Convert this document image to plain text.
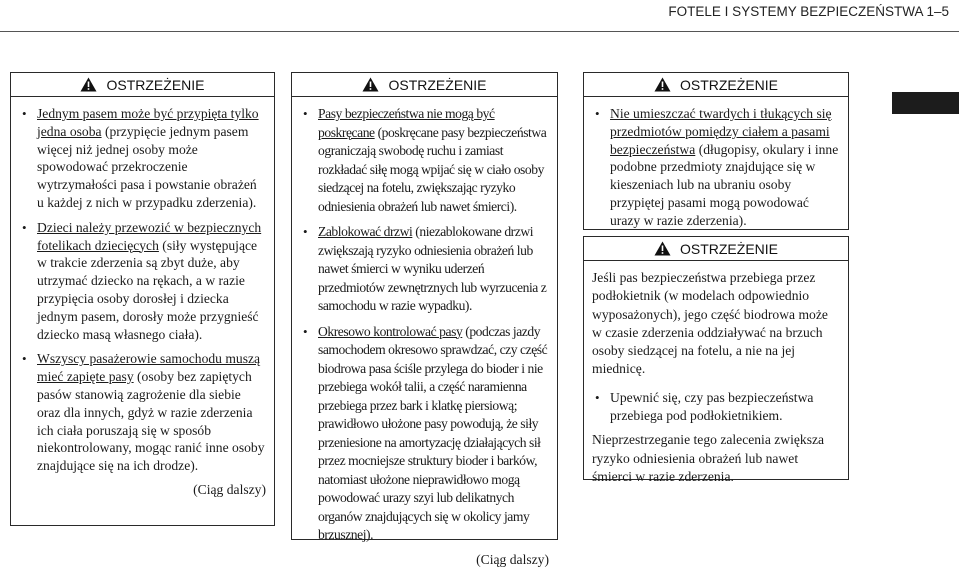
FOTELE I SYSTEMY BEZPIECZEŃSTWA 1–5
OSTRZEŻENIE
• Jednym pasem może być przypięta tylko jedna osoba (przypięcie jednym pasem więcej niż jednej osoby może spowodować przekroczenie wytrzymałości pasa i powstanie obrażeń u każdej z nich w przypadku zderzenia).
• Dzieci należy przewozić w bezpiecznych fotelikach dziecięcych (siły występujące w trakcie zderzenia są zbyt duże, aby utrzymać dziecko na rękach, a w razie przypięcia osoby dorosłej i dziecka jednym pasem, dorosły może przygnieść dziecko masą własnego ciała).
• Wszyscy pasażerowie samochodu muszą mieć zapięte pasy (osoby bez zapiętych pasów stanowią zagrożenie dla siebie oraz dla innych, gdyż w razie zderzenia ich ciała poruszają się w sposób niekontrolowany, mogąc ranić inne osoby znajdujące się na ich drodze).
(Ciąg dalszy)
OSTRZEŻENIE
• Pasy bezpieczeństwa nie mogą być poskręcane (poskręcane pasy bezpieczeństwa ograniczają swobodę ruchu i zamiast rozkładać siłę mogą wpijać się w ciało osoby siedzącej na fotelu, zwiększając ryzyko odniesienia obrażeń lub nawet śmierci).
• Zablokować drzwi (niezablokowane drzwi zwiększają ryzyko odniesienia obrażeń lub nawet śmierci w wyniku uderzeń przedmiotów zewnętrznych lub wyrzucenia z samochodu w razie wypadku).
• Okresowo kontrolować pasy (podczas jazdy samochodem okresowo sprawdzać, czy część biodrowa pasa ściśle przylega do bioder i nie przebiega wokół talii, a część naramienna przebiega przez bark i klatkę piersiową; prawidłowo ułożone pasy powodują, że siły przeniesione na amortyzację działających sił przez mocniejsze struktury bioder i barków, natomiast ułożone nieprawidłowo mogą powodować urazy szyi lub delikatnych organów znajdujących się w okolicy jamy brzusznej).
(Ciąg dalszy)
OSTRZEŻENIE
• Nie umieszczać twardych i tłukących się przedmiotów pomiędzy ciałem a pasami bezpieczeństwa (długopisy, okulary i inne podobne przedmioty znajdujące się w kieszeniach lub na ubraniu osoby przypiętej pasami mogą powodować urazy w razie zderzenia).
OSTRZEŻENIE
Jeśli pas bezpieczeństwa przebiega przez podłokietnik (w modelach odpowiednio wyposażonych), jego część biodrowa może w czasie zderzenia oddziaływać na brzuch osoby siedzącej na fotelu, a nie na jej miednicę.
• Upewnić się, czy pas bezpieczeństwa przebiega pod podłokietnikiem.
Nieprzestrzeganie tego zalecenia zwiększa ryzyko odniesienia obrażeń lub nawet śmierci w razie zderzenia.
